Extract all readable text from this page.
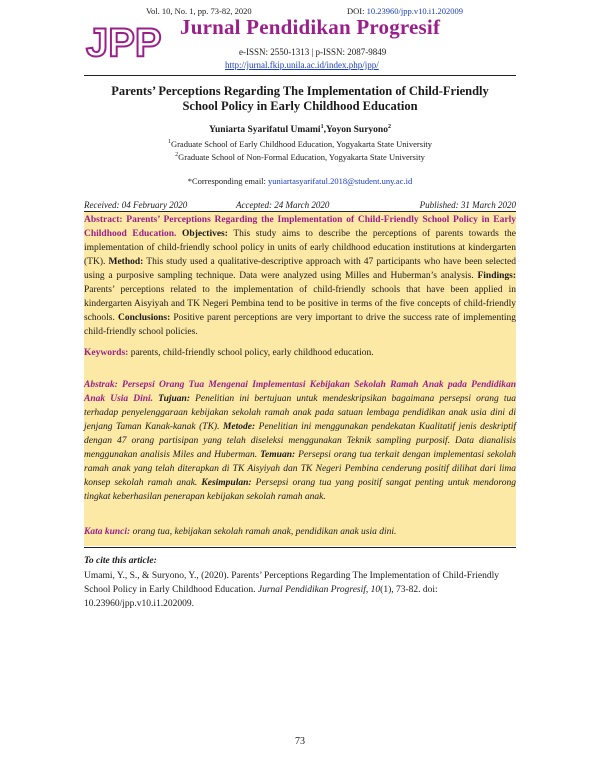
Vol. 10, No. 1, pp. 73-82, 2020	DOI: 10.23960/jpp.v10.i1.202009
JPP Jurnal Pendidikan Progresif
e-ISSN: 2550-1313 | p-ISSN: 2087-9849
http://jurnal.fkip.unila.ac.id/index.php/jpp/
Parents’ Perceptions Regarding The Implementation of Child-Friendly
School Policy in Early Childhood Education
Yuniarta Syarifatul Umami$^1$,Yoyon Suryono$^2$
$^1$Graduate School of Early Childhood Education, Yogyakarta State University
$^2$Graduate School of Non-Formal Education, Yogyakarta State University
*Corresponding email: yuniartasyarifatul.2018@student.uny.ac.id
Received: 04 February 2020	Accepted: 24 March 2020	Published: 31 March 2020
Abstract: Parents’ Perceptions Regarding the Implementation of Child-Friendly School Policy in Early Childhood Education. Objectives: This study aims to describe the perceptions of parents towards the implementation of child-friendly school policy in units of early childhood education institutions at kindergarten (TK). Method: This study used a qualitative-descriptive approach with 47 participants who have been selected using a purposive sampling technique. Data were analyzed using Milles and Huberman’s analysis. Findings: Parents’ perceptions related to the implementation of child-friendly schools that have been applied in kindergarten Aisyiyah and TK Negeri Pembina tend to be positive in terms of the five concepts of child-friendly schools. Conclusions: Positive parent perceptions are very important to drive the success rate of implementing child-friendly school policies.
Keywords: parents, child-friendly school policy, early childhood education.
Abstrak: Persepsi Orang Tua Mengenai Implementasi Kebijakan Sekolah Ramah Anak pada Pendidikan Anak Usia Dini. Tujuan: Penelitian ini bertujuan untuk mendeskripsikan bagaimana persepsi orang tua terhadap penyelenggaraan kebijakan sekolah ramah anak pada satuan lembaga pendidikan anak usia dini di jenjang Taman Kanak-kanak (TK). Metode: Penelitian ini menggunakan pendekatan Kualitatif jenis deskriptif dengan 47 orang partisipan yang telah diseleksi menggunakan Teknik sampling purposif. Data dianalisis menggunakan analisis Miles and Huberman. Temuan: Persepsi orang tua terkait dengan implementasi sekolah ramah anak yang telah diterapkan di TK Aisyiyah dan TK Negeri Pembina cenderung positif dilihat dari lima konsep sekolah ramah anak. Kesimpulan: Persepsi orang tua yang positif sangat penting untuk mendorong tingkat keberhasilan penerapan kebijakan sekolah ramah anak.
Kata kunci: orang tua, kebijakan sekolah ramah anak, pendidikan anak usia dini.
To cite this article:
Umami, Y., S., & Suryono, Y., (2020). Parents’ Perceptions Regarding The Implementation of Child-Friendly School Policy in Early Childhood Education. Jurnal Pendidikan Progresif, 10(1), 73-82. doi: 10.23960/jpp.v10.i1.202009.
73
